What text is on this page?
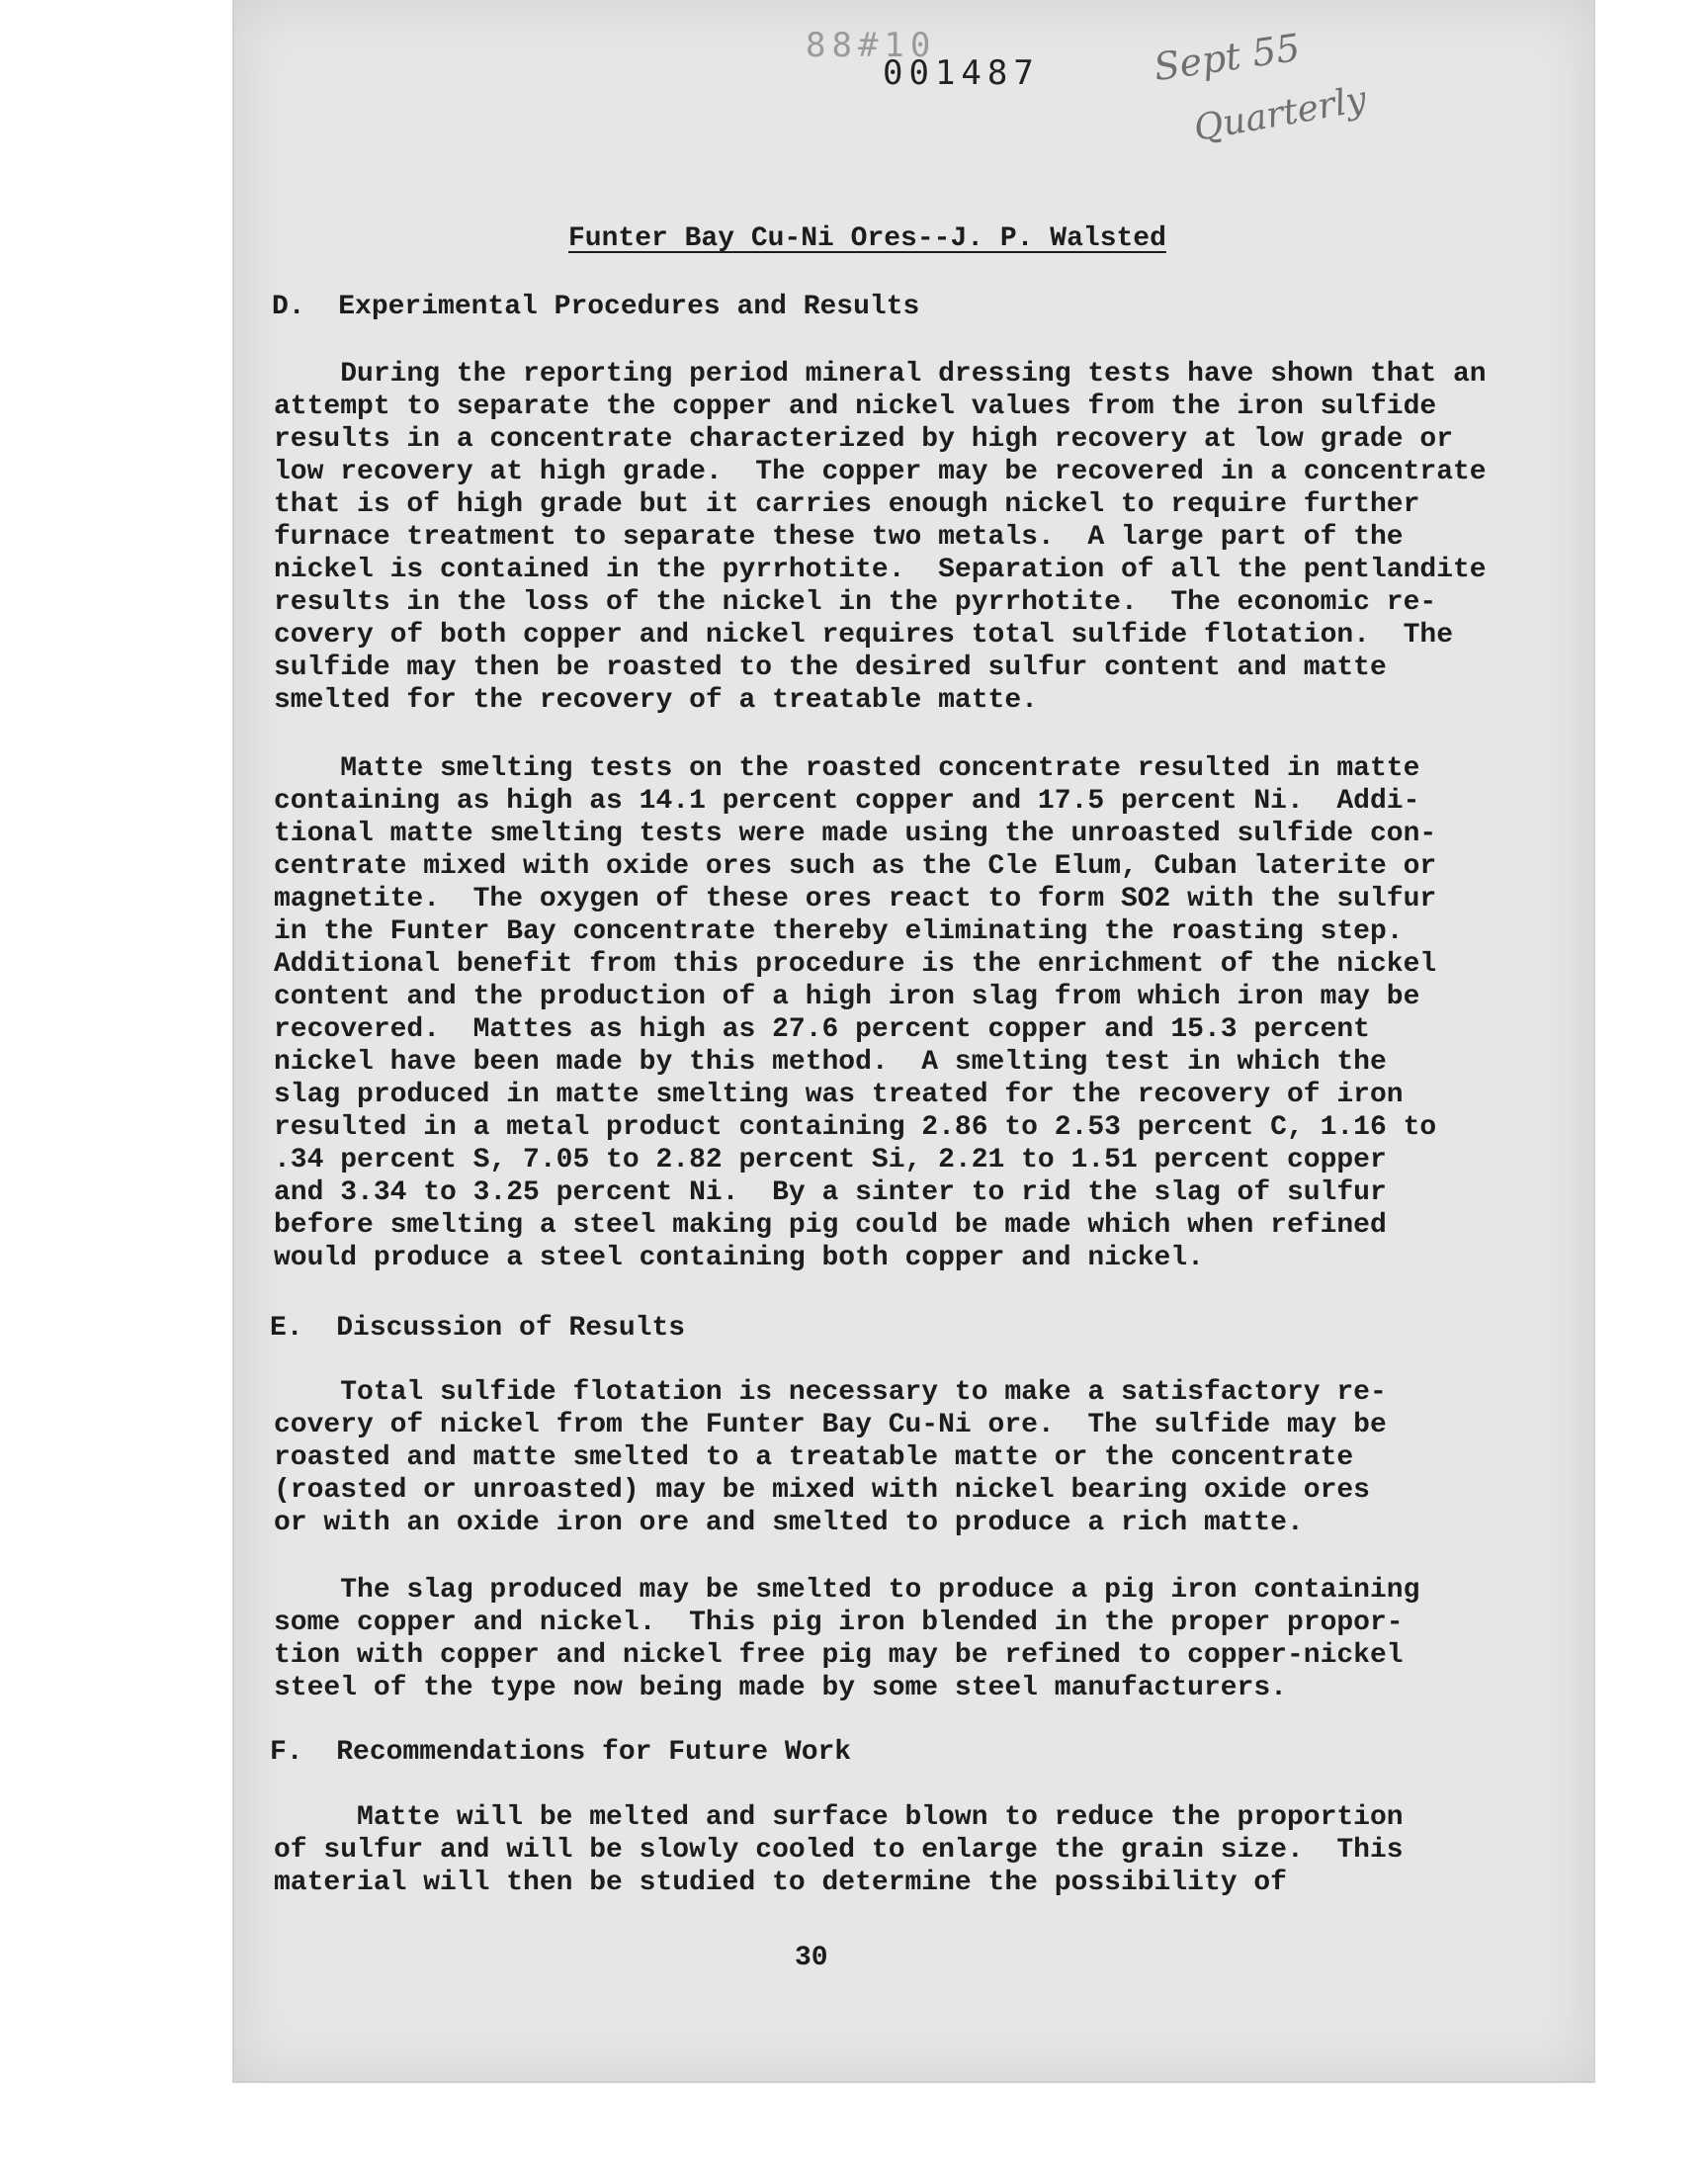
88#10
001487	Sept 55
Quarterly
Funter Bay Cu-Ni Ores--J. P. Walsted
D.  Experimental Procedures and Results
During the reporting period mineral dressing tests have shown that an
attempt to separate the copper and nickel values from the iron sulfide
results in a concentrate characterized by high recovery at low grade or
low recovery at high grade.  The copper may be recovered in a concentrate
that is of high grade but it carries enough nickel to require further
furnace treatment to separate these two metals.  A large part of the
nickel is contained in the pyrrhotite.  Separation of all the pentlandite
results in the loss of the nickel in the pyrrhotite.  The economic re-
covery of both copper and nickel requires total sulfide flotation.  The
sulfide may then be roasted to the desired sulfur content and matte
smelted for the recovery of a treatable matte.
Matte smelting tests on the roasted concentrate resulted in matte
containing as high as 14.1 percent copper and 17.5 percent Ni.  Addi-
tional matte smelting tests were made using the unroasted sulfide con-
centrate mixed with oxide ores such as the Cle Elum, Cuban laterite or
magnetite.  The oxygen of these ores react to form SO2 with the sulfur
in the Funter Bay concentrate thereby eliminating the roasting step.
Additional benefit from this procedure is the enrichment of the nickel
content and the production of a high iron slag from which iron may be
recovered.  Mattes as high as 27.6 percent copper and 15.3 percent
nickel have been made by this method.  A smelting test in which the
slag produced in matte smelting was treated for the recovery of iron
resulted in a metal product containing 2.86 to 2.53 percent C, 1.16 to
.34 percent S, 7.05 to 2.82 percent Si, 2.21 to 1.51 percent copper
and 3.34 to 3.25 percent Ni.  By a sinter to rid the slag of sulfur
before smelting a steel making pig could be made which when refined
would produce a steel containing both copper and nickel.
E.  Discussion of Results
Total sulfide flotation is necessary to make a satisfactory re-
covery of nickel from the Funter Bay Cu-Ni ore.  The sulfide may be
roasted and matte smelted to a treatable matte or the concentrate
(roasted or unroasted) may be mixed with nickel bearing oxide ores
or with an oxide iron ore and smelted to produce a rich matte.
The slag produced may be smelted to produce a pig iron containing
some copper and nickel.  This pig iron blended in the proper propor-
tion with copper and nickel free pig may be refined to copper-nickel
steel of the type now being made by some steel manufacturers.
F.  Recommendations for Future Work
Matte will be melted and surface blown to reduce the proportion
of sulfur and will be slowly cooled to enlarge the grain size.  This
material will then be studied to determine the possibility of
30
